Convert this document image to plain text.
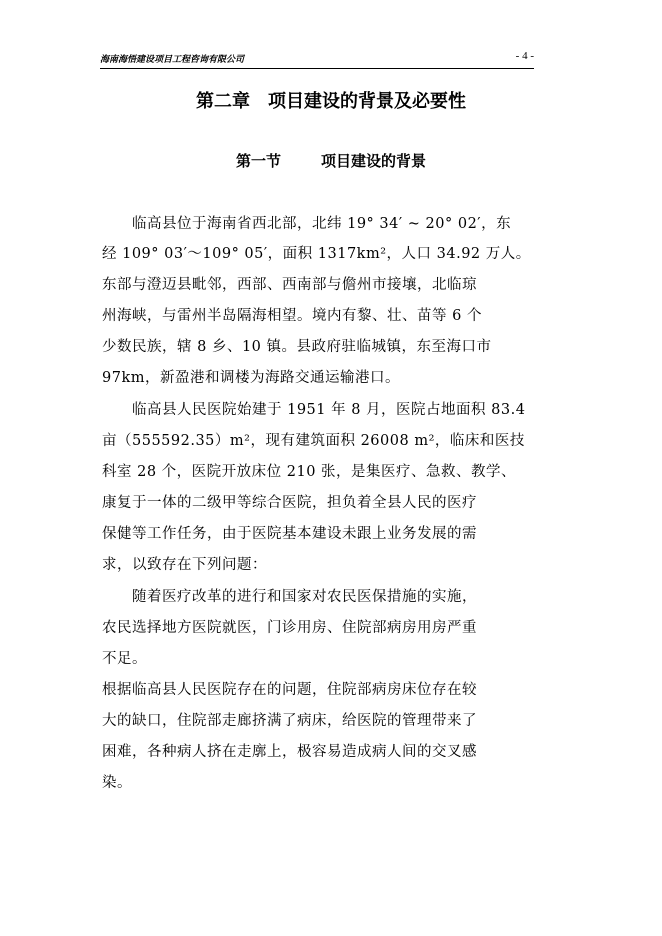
海南海悟建设项目工程咨询有限公司	- 4 -
第二章 项目建设的背景及必要性
第一节	项目建设的背景
临高县位于海南省西北部，北纬 19° 34′ ~ 20° 02′，东
经 109° 03′～109° 05′，面积 1317km²，人口 34.92 万人。
东部与澄迈县毗邻，西部、西南部与儋州市接壤，北临琼
州海峡，与雷州半岛隔海相望。境内有黎、壮、苗等 6 个
少数民族，辖 8 乡、10 镇。县政府驻临城镇，东至海口市
97km，新盈港和调楼为海路交通运输港口。
临高县人民医院始建于 1951 年 8 月，医院占地面积 83.4
亩（555592.35）m²，现有建筑面积 26008 m²，临床和医技
科室 28 个，医院开放床位 210 张，是集医疗、急救、教学、
康复于一体的二级甲等综合医院，担负着全县人民的医疗
保健等工作任务，由于医院基本建设未跟上业务发展的需
求，以致存在下列问题：
随着医疗改革的进行和国家对农民医保措施的实施，
农民选择地方医院就医，门诊用房、住院部病房用房严重
不足。
根据临高县人民医院存在的问题，住院部病房床位存在较
大的缺口，住院部走廊挤满了病床，给医院的管理带来了
困难，各种病人挤在走廓上，极容易造成病人间的交叉感
染。
